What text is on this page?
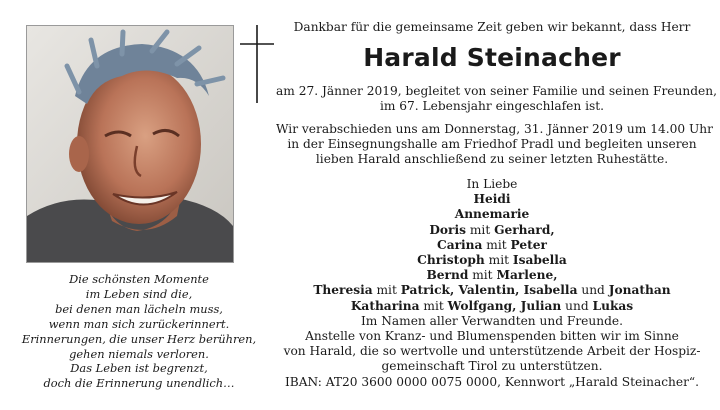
Die schönsten Momente
im Leben sind die,
bei denen man lächeln muss,
wenn man sich zurückerinnert.
Erinnerungen, die unser Herz berühren,
gehen niemals verloren.
Das Leben ist begrenzt,
doch die Erinnerung unendlich…
Dankbar für die gemeinsame Zeit geben wir bekannt, dass Herr
Harald Steinacher
am 27. Jänner 2019, begleitet von seiner Familie und seinen Freunden,
im 67. Lebensjahr eingeschlafen ist.
Wir verabschieden uns am Donnerstag, 31. Jänner 2019 um 14.00 Uhr
in der Einsegnungshalle am Friedhof Pradl und begleiten unseren
lieben Harald anschließend zu seiner letzten Ruhestätte.
In Liebe
Heidi
Annemarie
Doris mit Gerhard,
Carina mit Peter
Christoph mit Isabella
Bernd mit Marlene,
Theresia mit Patrick, Valentin, Isabella und Jonathan
Katharina mit Wolfgang, Julian und Lukas
Im Namen aller Verwandten und Freunde.
Anstelle von Kranz- und Blumenspenden bitten wir im Sinne
von Harald, die so wertvolle und unterstützende Arbeit der Hospiz-
gemeinschaft Tirol zu unterstützen.
IBAN: AT20 3600 0000 0075 0000, Kennwort „Harald Steinacher“.
